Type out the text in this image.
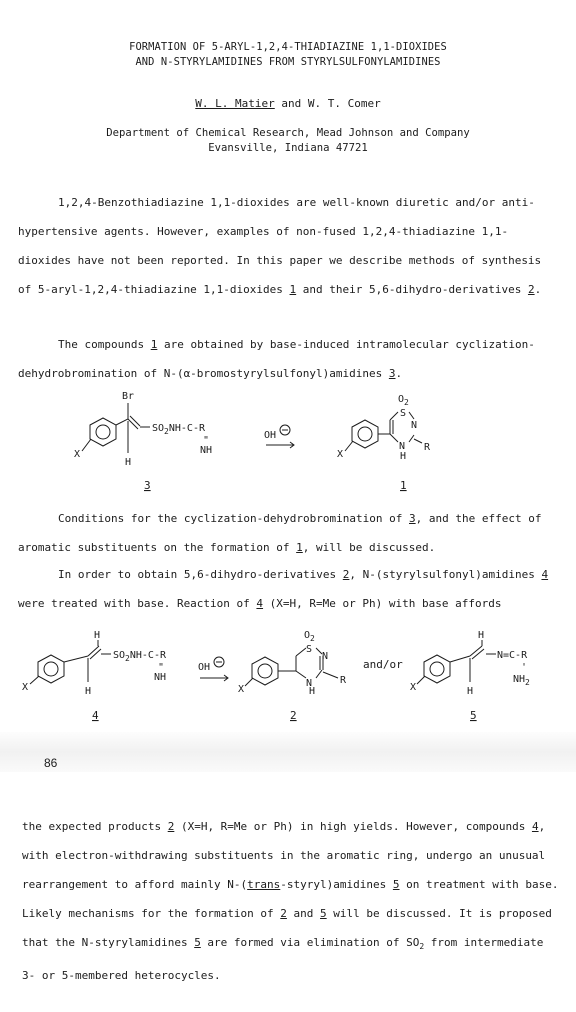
FORMATION OF 5-ARYL-1,2,4-THIADIAZINE 1,1-DIOXIDES
AND N-STYRYLAMIDINES FROM STYRYLSULFONYLAMIDINES
W. L. Matier and W. T. Comer
Department of Chemical Research, Mead Johnson and Company
Evansville, Indiana 47721

1,2,4-Benzothiadiazine 1,1-dioxides are well-known diuretic and/or anti-hypertensive agents. However, examples of non-fused 1,2,4-thiadiazine 1,1-dioxides have not been reported. In this paper we describe methods of synthesis of 5-aryl-1,2,4-thiadiazine 1,1-dioxides 1 and their 5,6-dihydro-derivatives 2.

The compounds 1 are obtained by base-induced intramolecular cyclization-dehydrobromination of N-(α-bromostyrylsulfonyl)amidines 3.

X
Br
H
$SO_2NH-C-R$
"
NH
OH
X
S
$O_2$
N
N
H
R
3	1

Conditions for the cyclization-dehydrobromination of 3, and the effect of aromatic substituents on the formation of 1, will be discussed.

In order to obtain 5,6-dihydro-derivatives 2, N-(styrylsulfonyl)amidines 4 were treated with base. Reaction of 4 (X=H, R=Me or Ph) with base affords

X
H
H
$SO_2NH-C-R$
"
NH
OH
X
S
$O_2$
N
N
H
R
and/or
X
H
H
N=C-R
'
$NH_2$
4	2	5
86

the expected products 2 (X=H, R=Me or Ph) in high yields. However, compounds 4, with electron-withdrawing substituents in the aromatic ring, undergo an unusual rearrangement to afford mainly N-(trans-styryl)amidines 5 on treatment with base. Likely mechanisms for the formation of 2 and 5 will be discussed. It is proposed that the N-styrylamidines 5 are formed via elimination of $SO_2$ from intermediate 3- or 5-membered heterocycles.
